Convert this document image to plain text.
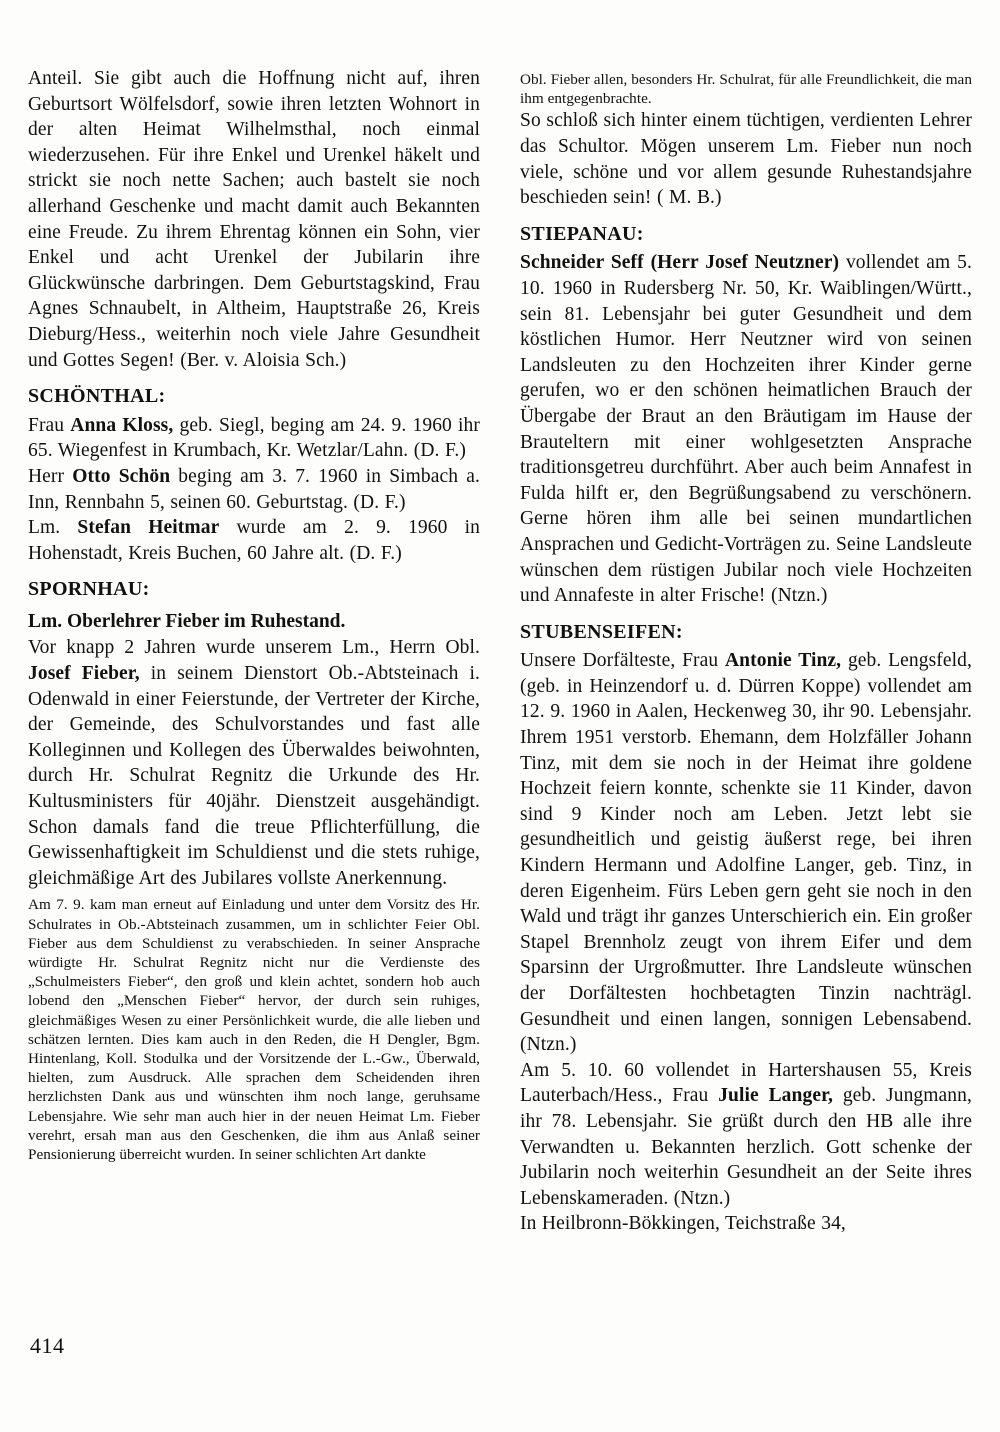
Anteil. Sie gibt auch die Hoffnung nicht auf, ihren Geburtsort Wölfelsdorf, sowie ihren letzten Wohnort in der alten Heimat Wilhelmsthal, noch einmal wiederzusehen. Für ihre Enkel und Urenkel häkelt und strickt sie noch nette Sachen; auch bastelt sie noch allerhand Geschenke und macht damit auch Bekannten eine Freude. Zu ihrem Ehrentag können ein Sohn, vier Enkel und acht Urenkel der Jubilarin ihre Glückwünsche darbringen. Dem Geburtstagskind, Frau Agnes Schnaubelt, in Altheim, Hauptstraße 26, Kreis Dieburg/Hess., weiterhin noch viele Jahre Gesundheit und Gottes Segen! (Ber. v. Aloisia Sch.)

SCHÖNTHAL:

Frau Anna Kloss, geb. Siegl, beging am 24. 9. 1960 ihr 65. Wiegenfest in Krumbach, Kr. Wetzlar/Lahn. (D. F.)

Herr Otto Schön beging am 3. 7. 1960 in Simbach a. Inn, Rennbahn 5, seinen 60. Geburtstag. (D. F.)

Lm. Stefan Heitmar wurde am 2. 9. 1960 in Hohenstadt, Kreis Buchen, 60 Jahre alt. (D. F.)

SPORNHAU:
Lm. Oberlehrer Fieber im Ruhestand.

Vor knapp 2 Jahren wurde unserem Lm., Herrn Obl. Josef Fieber, in seinem Dienstort Ob.-Abtsteinach i. Odenwald in einer Feierstunde, der Vertreter der Kirche, der Gemeinde, des Schulvorstandes und fast alle Kolleginnen und Kollegen des Überwaldes beiwohnten, durch Hr. Schulrat Regnitz die Urkunde des Hr. Kultusministers für 40jähr. Dienstzeit ausgehändigt. Schon damals fand die treue Pflichterfüllung, die Gewissenhaftigkeit im Schuldienst und die stets ruhige, gleichmäßige Art des Jubilares vollste Anerkennung.

Am 7. 9. kam man erneut auf Einladung und unter dem Vorsitz des Hr. Schulrates in Ob.-Abtsteinach zusammen, um in schlichter Feier Obl. Fieber aus dem Schuldienst zu verabschieden. In seiner Ansprache würdigte Hr. Schulrat Regnitz nicht nur die Verdienste des „Schulmeisters Fieber“, den groß und klein achtet, sondern hob auch lobend den „Menschen Fieber“ hervor, der durch sein ruhiges, gleichmäßiges Wesen zu einer Persönlichkeit wurde, die alle lieben und schätzen lernten. Dies kam auch in den Reden, die H Dengler, Bgm. Hintenlang, Koll. Stodulka und der Vorsitzende der L.-Gw., Überwald, hielten, zum Ausdruck. Alle sprachen dem Scheidenden ihren herzlichsten Dank aus und wünschten ihm noch lange, geruhsame Lebensjahre. Wie sehr man auch hier in der neuen Heimat Lm. Fieber verehrt, ersah man aus den Geschenken, die ihm aus Anlaß seiner Pensionierung überreicht wurden. In seiner schlichten Art dankte

Obl. Fieber allen, besonders Hr. Schulrat, für alle Freundlichkeit, die man ihm entgegenbrachte.

So schloß sich hinter einem tüchtigen, verdienten Lehrer das Schultor. Mögen unserem Lm. Fieber nun noch viele, schöne und vor allem gesunde Ruhestandsjahre beschieden sein! ( M. B.)

STIEPANAU:

Schneider Seff (Herr Josef Neutzner) vollendet am 5. 10. 1960 in Rudersberg Nr. 50, Kr. Waiblingen/Württ., sein 81. Lebensjahr bei guter Gesundheit und dem köstlichen Humor. Herr Neutzner wird von seinen Landsleuten zu den Hochzeiten ihrer Kinder gerne gerufen, wo er den schönen heimatlichen Brauch der Übergabe der Braut an den Bräutigam im Hause der Brauteltern mit einer wohlgesetzten Ansprache traditionsgetreu durchführt. Aber auch beim Annafest in Fulda hilft er, den Begrüßungsabend zu verschönern. Gerne hören ihm alle bei seinen mundartlichen Ansprachen und Gedicht-Vorträgen zu. Seine Landsleute wünschen dem rüstigen Jubilar noch viele Hochzeiten und Annafeste in alter Frische! (Ntzn.)

STUBENSEIFEN:

Unsere Dorfälteste, Frau Antonie Tinz, geb. Lengsfeld, (geb. in Heinzendorf u. d. Dürren Koppe) vollendet am 12. 9. 1960 in Aalen, Heckenweg 30, ihr 90. Lebensjahr. Ihrem 1951 verstorb. Ehemann, dem Holzfäller Johann Tinz, mit dem sie noch in der Heimat ihre goldene Hochzeit feiern konnte, schenkte sie 11 Kinder, davon sind 9 Kinder noch am Leben. Jetzt lebt sie gesundheitlich und geistig äußerst rege, bei ihren Kindern Hermann und Adolfine Langer, geb. Tinz, in deren Eigenheim. Fürs Leben gern geht sie noch in den Wald und trägt ihr ganzes Unterschierich ein. Ein großer Stapel Brennholz zeugt von ihrem Eifer und dem Sparsinn der Urgroßmutter. Ihre Landsleute wünschen der Dorfältesten hochbetagten Tinzin nachträgl. Gesundheit und einen langen, sonnigen Lebensabend. (Ntzn.)

Am 5. 10. 60 vollendet in Hartershausen 55, Kreis Lauterbach/Hess., Frau Julie Langer, geb. Jungmann, ihr 78. Lebensjahr. Sie grüßt durch den HB alle ihre Verwandten u. Bekannten herzlich. Gott schenke der Jubilarin noch weiterhin Gesundheit an der Seite ihres Lebenskameraden. (Ntzn.)

In Heilbronn-Bökkingen, Teichstraße 34,

414
